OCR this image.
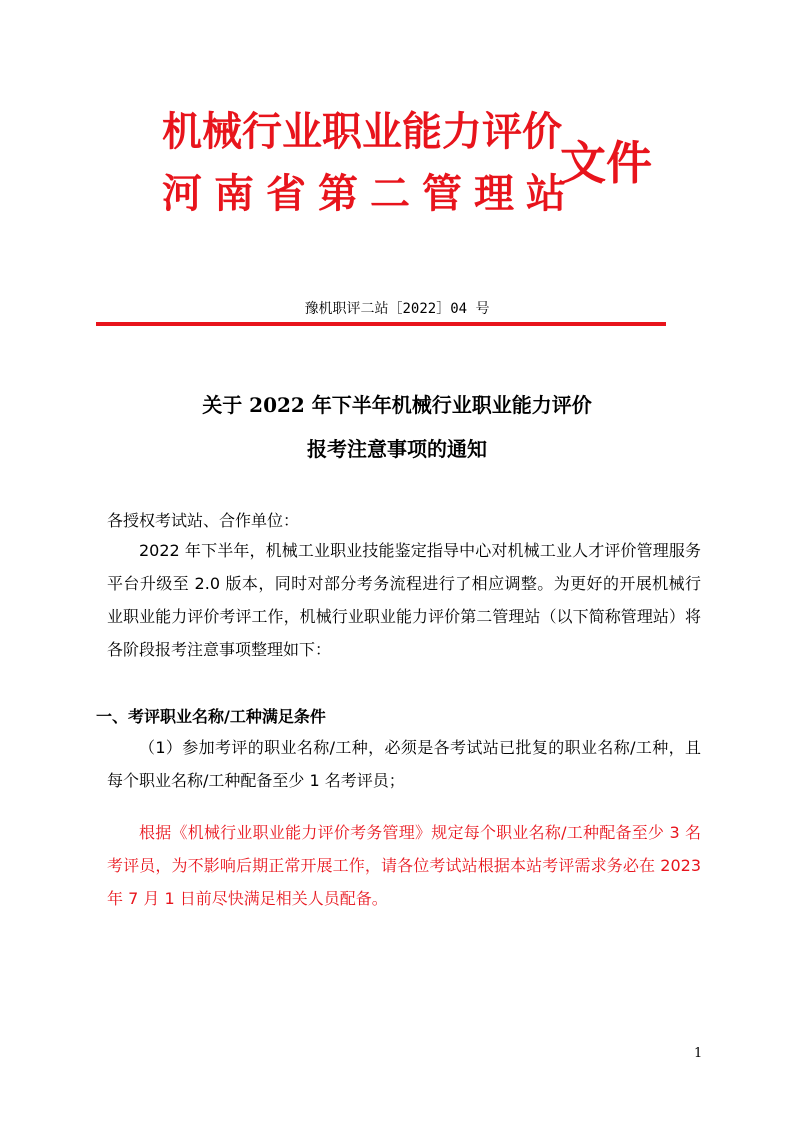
机械行业职业能力评价
河南省第二管理站
文件
豫机职评二站［2022］04 号
关于 2022 年下半年机械行业职业能力评价
报考注意事项的通知
各授权考试站、合作单位：
2022 年下半年，机械工业职业技能鉴定指导中心对机械工业人才评价管理服务平台升级至 2.0 版本，同时对部分考务流程进行了相应调整。为更好的开展机械行业职业能力评价考评工作，机械行业职业能力评价第二管理站（以下简称管理站）将各阶段报考注意事项整理如下：
一、考评职业名称/工种满足条件
（1）参加考评的职业名称/工种，必须是各考试站已批复的职业名称/工种，且每个职业名称/工种配备至少 1 名考评员；
根据《机械行业职业能力评价考务管理》规定每个职业名称/工种配备至少 3 名考评员，为不影响后期正常开展工作，请各位考试站根据本站考评需求务必在 2023 年 7 月 1 日前尽快满足相关人员配备。
1
